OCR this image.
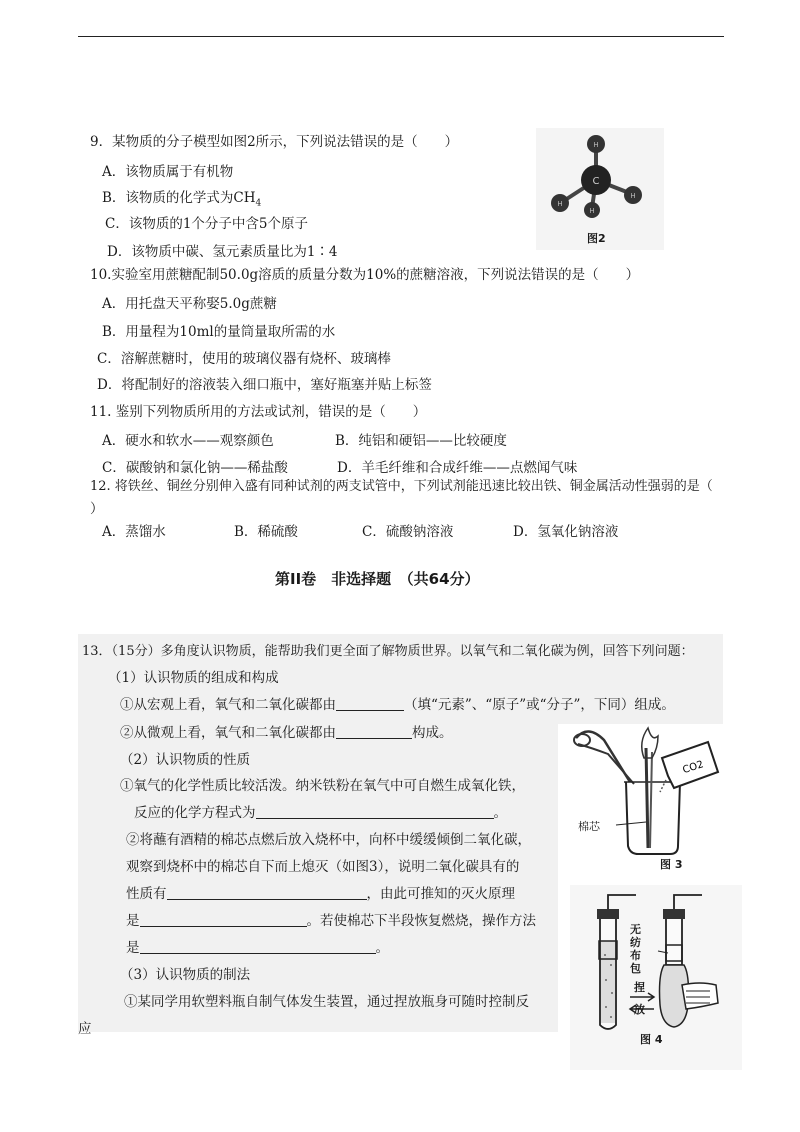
9．某物质的分子模型如图2所示，下列说法错误的是（　　）
A．该物质属于有机物
B．该物质的化学式为$CH_4$
C．该物质的1个分子中含5个原子
D．该物质中碳、氢元素质量比为1∶4
C
H
H
H
H
图2
10.实验室用蔗糖配制50.0g溶质的质量分数为10%的蔗糖溶液，下列说法错误的是（　　）
A．用托盘天平称娶5.0g蔗糖
B．用量程为10ml的量筒量取所需的水
C．溶解蔗糖时，使用的玻璃仪器有烧杯、玻璃棒
D．将配制好的溶液装入细口瓶中，塞好瓶塞并贴上标签
11. 鉴别下列物质所用的方法或试剂，错误的是（　　）
A．硬水和软水——观察颜色	B．纯铝和硬铝——比较硬度
C．碳酸钠和氯化钠——稀盐酸	D．羊毛纤维和合成纤维——点燃闻气味
12. 将铁丝、铜丝分别伸入盛有同种试剂的两支试管中，下列试剂能迅速比较出铁、铜金属活动性强弱的是（
）
A．蒸馏水	B．稀硫酸	C．硫酸钠溶液	D．氢氧化钠溶液
第II卷　非选择题　（共64分）
13．（15分）多角度认识物质，能帮助我们更全面了解物质世界。以氧气和二氧化碳为例，回答下列问题：
（1）认识物质的组成和构成
①从宏观上看，氧气和二氧化碳都由	（填“元素”、“原子”或“分子”，下同）组成。
②从微观上看，氧气和二氧化碳都由	构成。
（2）认识物质的性质
①氧气的化学性质比较活泼。纳米铁粉在氧气中可自燃生成氧化铁，
反应的化学方程式为	。
②将蘸有酒精的棉芯点燃后放入烧杯中，向杯中缓缓倾倒二氧化碳，
观察到烧杯中的棉芯自下而上熄灭（如图3），说明二氧化碳具有的
性质有	，由此可推知的灭火原理
是	。若使棉芯下半段恢复燃烧，操作方法
是	。
（3）认识物质的制法
①某同学用软塑料瓶自制气体发生装置，通过捏放瓶身可随时控制反
应
CO2
棉芯
图 3
无纺布包
捏放
图 4
